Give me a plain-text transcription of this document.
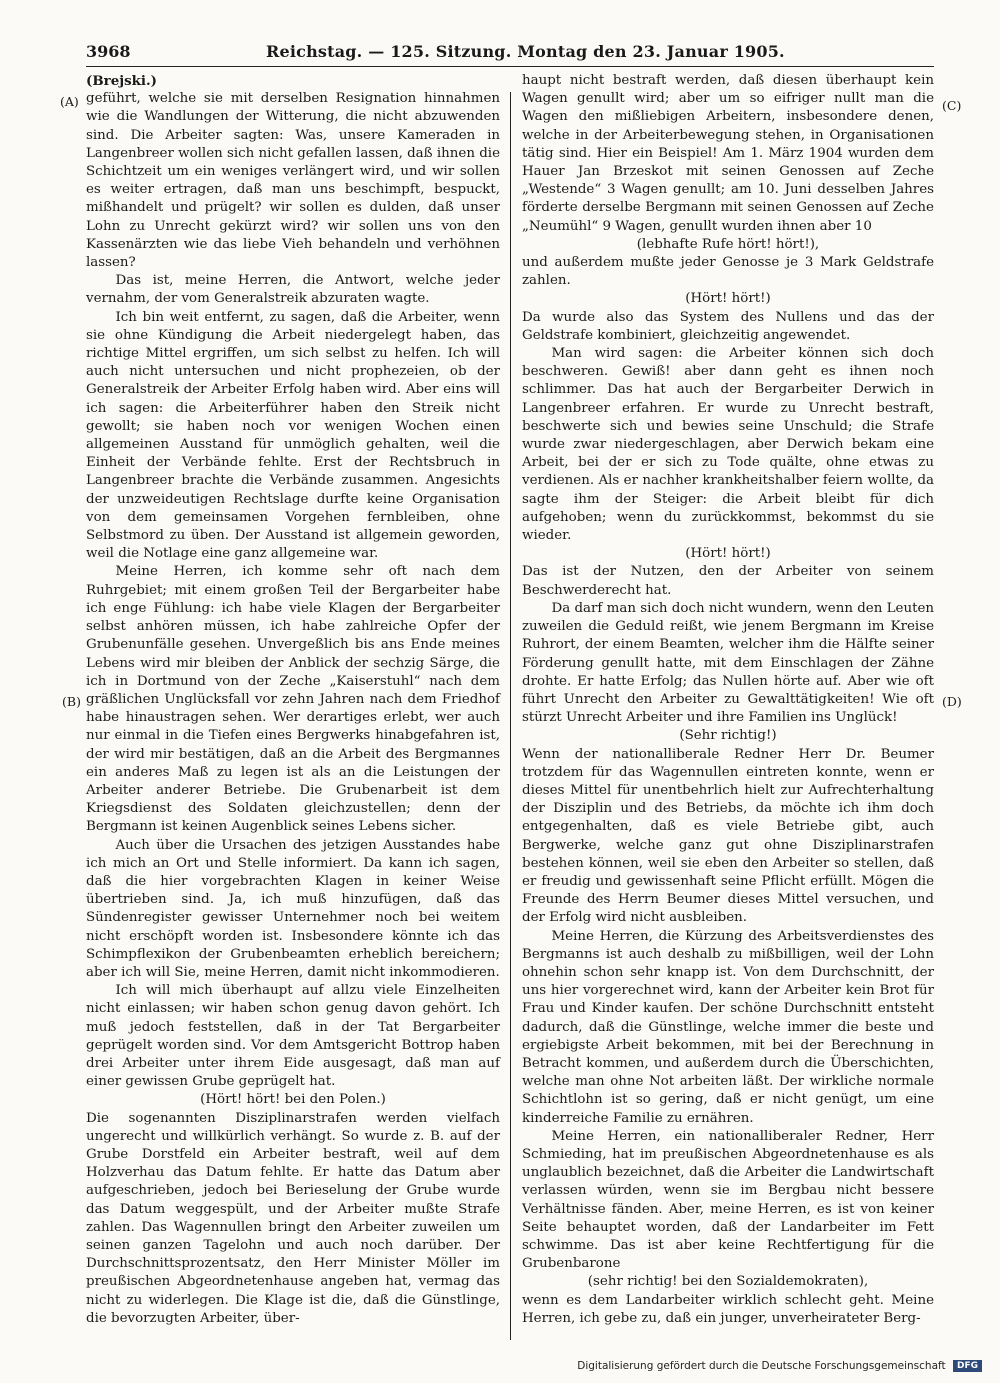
3968	Reichstag. — 125. Sitzung. Montag den 23. Januar 1905.
(A)
(B)
(C)
(D)

(Brejski.)

geführt, welche sie mit derselben Resignation hinnahmen wie die Wandlungen der Witterung, die nicht abzuwenden sind. Die Arbeiter sagten: Was, unsere Kameraden in Langenbreer wollen sich nicht gefallen lassen, daß ihnen die Schichtzeit um ein weniges verlängert wird, und wir sollen es weiter ertragen, daß man uns beschimpft, bespuckt, mißhandelt und prügelt? wir sollen es dulden, daß unser Lohn zu Unrecht gekürzt wird? wir sollen uns von den Kassenärzten wie das liebe Vieh behandeln und verhöhnen lassen?

Das ist, meine Herren, die Antwort, welche jeder vernahm, der vom Generalstreik abzuraten wagte.

Ich bin weit entfernt, zu sagen, daß die Arbeiter, wenn sie ohne Kündigung die Arbeit niedergelegt haben, das richtige Mittel ergriffen, um sich selbst zu helfen. Ich will auch nicht untersuchen und nicht prophezeien, ob der Generalstreik der Arbeiter Erfolg haben wird. Aber eins will ich sagen: die Arbeiterführer haben den Streik nicht gewollt; sie haben noch vor wenigen Wochen einen allgemeinen Ausstand für unmöglich gehalten, weil die Einheit der Verbände fehlte. Erst der Rechtsbruch in Langenbreer brachte die Verbände zusammen. Angesichts der unzweideutigen Rechtslage durfte keine Organisation von dem gemeinsamen Vorgehen fernbleiben, ohne Selbstmord zu üben. Der Ausstand ist allgemein geworden, weil die Notlage eine ganz allgemeine war.

Meine Herren, ich komme sehr oft nach dem Ruhrgebiet; mit einem großen Teil der Bergarbeiter habe ich enge Fühlung: ich habe viele Klagen der Bergarbeiter selbst anhören müssen, ich habe zahlreiche Opfer der Grubenunfälle gesehen. Unvergeßlich bis ans Ende meines Lebens wird mir bleiben der Anblick der sechzig Särge, die ich in Dortmund von der Zeche „Kaiserstuhl“ nach dem gräßlichen Unglücksfall vor zehn Jahren nach dem Friedhof habe hinaustragen sehen. Wer derartiges erlebt, wer auch nur einmal in die Tiefen eines Bergwerks hinabgefahren ist, der wird mir bestätigen, daß an die Arbeit des Bergmannes ein anderes Maß zu legen ist als an die Leistungen der Arbeiter anderer Betriebe. Die Grubenarbeit ist dem Kriegsdienst des Soldaten gleichzustellen; denn der Bergmann ist keinen Augenblick seines Lebens sicher.

Auch über die Ursachen des jetzigen Ausstandes habe ich mich an Ort und Stelle informiert. Da kann ich sagen, daß die hier vorgebrachten Klagen in keiner Weise übertrieben sind. Ja, ich muß hinzufügen, daß das Sündenregister gewisser Unternehmer noch bei weitem nicht erschöpft worden ist. Insbesondere könnte ich das Schimpflexikon der Grubenbeamten erheblich bereichern; aber ich will Sie, meine Herren, damit nicht inkommodieren.

Ich will mich überhaupt auf allzu viele Einzelheiten nicht einlassen; wir haben schon genug davon gehört. Ich muß jedoch feststellen, daß in der Tat Bergarbeiter geprügelt worden sind. Vor dem Amtsgericht Bottrop haben drei Arbeiter unter ihrem Eide ausgesagt, daß man auf einer gewissen Grube geprügelt hat.

(Hört! hört! bei den Polen.)

Die sogenannten Disziplinarstrafen werden vielfach ungerecht und willkürlich verhängt. So wurde z. B. auf der Grube Dorstfeld ein Arbeiter bestraft, weil auf dem Holzverhau das Datum fehlte. Er hatte das Datum aber aufgeschrieben, jedoch bei Berieselung der Grube wurde das Datum weggespült, und der Arbeiter mußte Strafe zahlen. Das Wagennullen bringt den Arbeiter zuweilen um seinen ganzen Tagelohn und auch noch darüber. Der Durchschnittsprozentsatz, den Herr Minister Möller im preußischen Abgeordnetenhause angeben hat, vermag das nicht zu widerlegen. Die Klage ist die, daß die Günstlinge, die bevorzugten Arbeiter, über-

haupt nicht bestraft werden, daß diesen überhaupt kein Wagen genullt wird; aber um so eifriger nullt man die Wagen den mißliebigen Arbeitern, insbesondere denen, welche in der Arbeiterbewegung stehen, in Organisationen tätig sind. Hier ein Beispiel! Am 1. März 1904 wurden dem Hauer Jan Brzeskot mit seinen Genossen auf Zeche „Westende“ 3 Wagen genullt; am 10. Juni desselben Jahres förderte derselbe Bergmann mit seinen Genossen auf Zeche „Neumühl“ 9 Wagen, genullt wurden ihnen aber 10

(lebhafte Rufe hört! hört!),

und außerdem mußte jeder Genosse je 3 Mark Geldstrafe zahlen.

(Hört! hört!)

Da wurde also das System des Nullens und das der Geldstrafe kombiniert, gleichzeitig angewendet.

Man wird sagen: die Arbeiter können sich doch beschweren. Gewiß! aber dann geht es ihnen noch schlimmer. Das hat auch der Bergarbeiter Derwich in Langenbreer erfahren. Er wurde zu Unrecht bestraft, beschwerte sich und bewies seine Unschuld; die Strafe wurde zwar niedergeschlagen, aber Derwich bekam eine Arbeit, bei der er sich zu Tode quälte, ohne etwas zu verdienen. Als er nachher krankheitshalber feiern wollte, da sagte ihm der Steiger: die Arbeit bleibt für dich aufgehoben; wenn du zurückkommst, bekommst du sie wieder.

(Hört! hört!)

Das ist der Nutzen, den der Arbeiter von seinem Beschwerderecht hat.

Da darf man sich doch nicht wundern, wenn den Leuten zuweilen die Geduld reißt, wie jenem Bergmann im Kreise Ruhrort, der einem Beamten, welcher ihm die Hälfte seiner Förderung genullt hatte, mit dem Einschlagen der Zähne drohte. Er hatte Erfolg; das Nullen hörte auf. Aber wie oft führt Unrecht den Arbeiter zu Gewalttätigkeiten! Wie oft stürzt Unrecht Arbeiter und ihre Familien ins Unglück!

(Sehr richtig!)

Wenn der nationalliberale Redner Herr Dr. Beumer trotzdem für das Wagennullen eintreten konnte, wenn er dieses Mittel für unentbehrlich hielt zur Aufrechterhaltung der Disziplin und des Betriebs, da möchte ich ihm doch entgegenhalten, daß es viele Betriebe gibt, auch Bergwerke, welche ganz gut ohne Disziplinarstrafen bestehen können, weil sie eben den Arbeiter so stellen, daß er freudig und gewissenhaft seine Pflicht erfüllt. Mögen die Freunde des Herrn Beumer dieses Mittel versuchen, und der Erfolg wird nicht ausbleiben.

Meine Herren, die Kürzung des Arbeitsverdienstes des Bergmanns ist auch deshalb zu mißbilligen, weil der Lohn ohnehin schon sehr knapp ist. Von dem Durchschnitt, der uns hier vorgerechnet wird, kann der Arbeiter kein Brot für Frau und Kinder kaufen. Der schöne Durchschnitt entsteht dadurch, daß die Günstlinge, welche immer die beste und ergiebigste Arbeit bekommen, mit bei der Berechnung in Betracht kommen, und außerdem durch die Überschichten, welche man ohne Not arbeiten läßt. Der wirkliche normale Schichtlohn ist so gering, daß er nicht genügt, um eine kinderreiche Familie zu ernähren.

Meine Herren, ein nationalliberaler Redner, Herr Schmieding, hat im preußischen Abgeordnetenhause es als unglaublich bezeichnet, daß die Arbeiter die Landwirtschaft verlassen würden, wenn sie im Bergbau nicht bessere Verhältnisse fänden. Aber, meine Herren, es ist von keiner Seite behauptet worden, daß der Landarbeiter im Fett schwimme. Das ist aber keine Rechtfertigung für die Grubenbarone

(sehr richtig! bei den Sozialdemokraten),

wenn es dem Landarbeiter wirklich schlecht geht. Meine Herren, ich gebe zu, daß ein junger, unverheirateter Berg-

Digitalisierung gefördert durch die Deutsche Forschungsgemeinschaft DFG
